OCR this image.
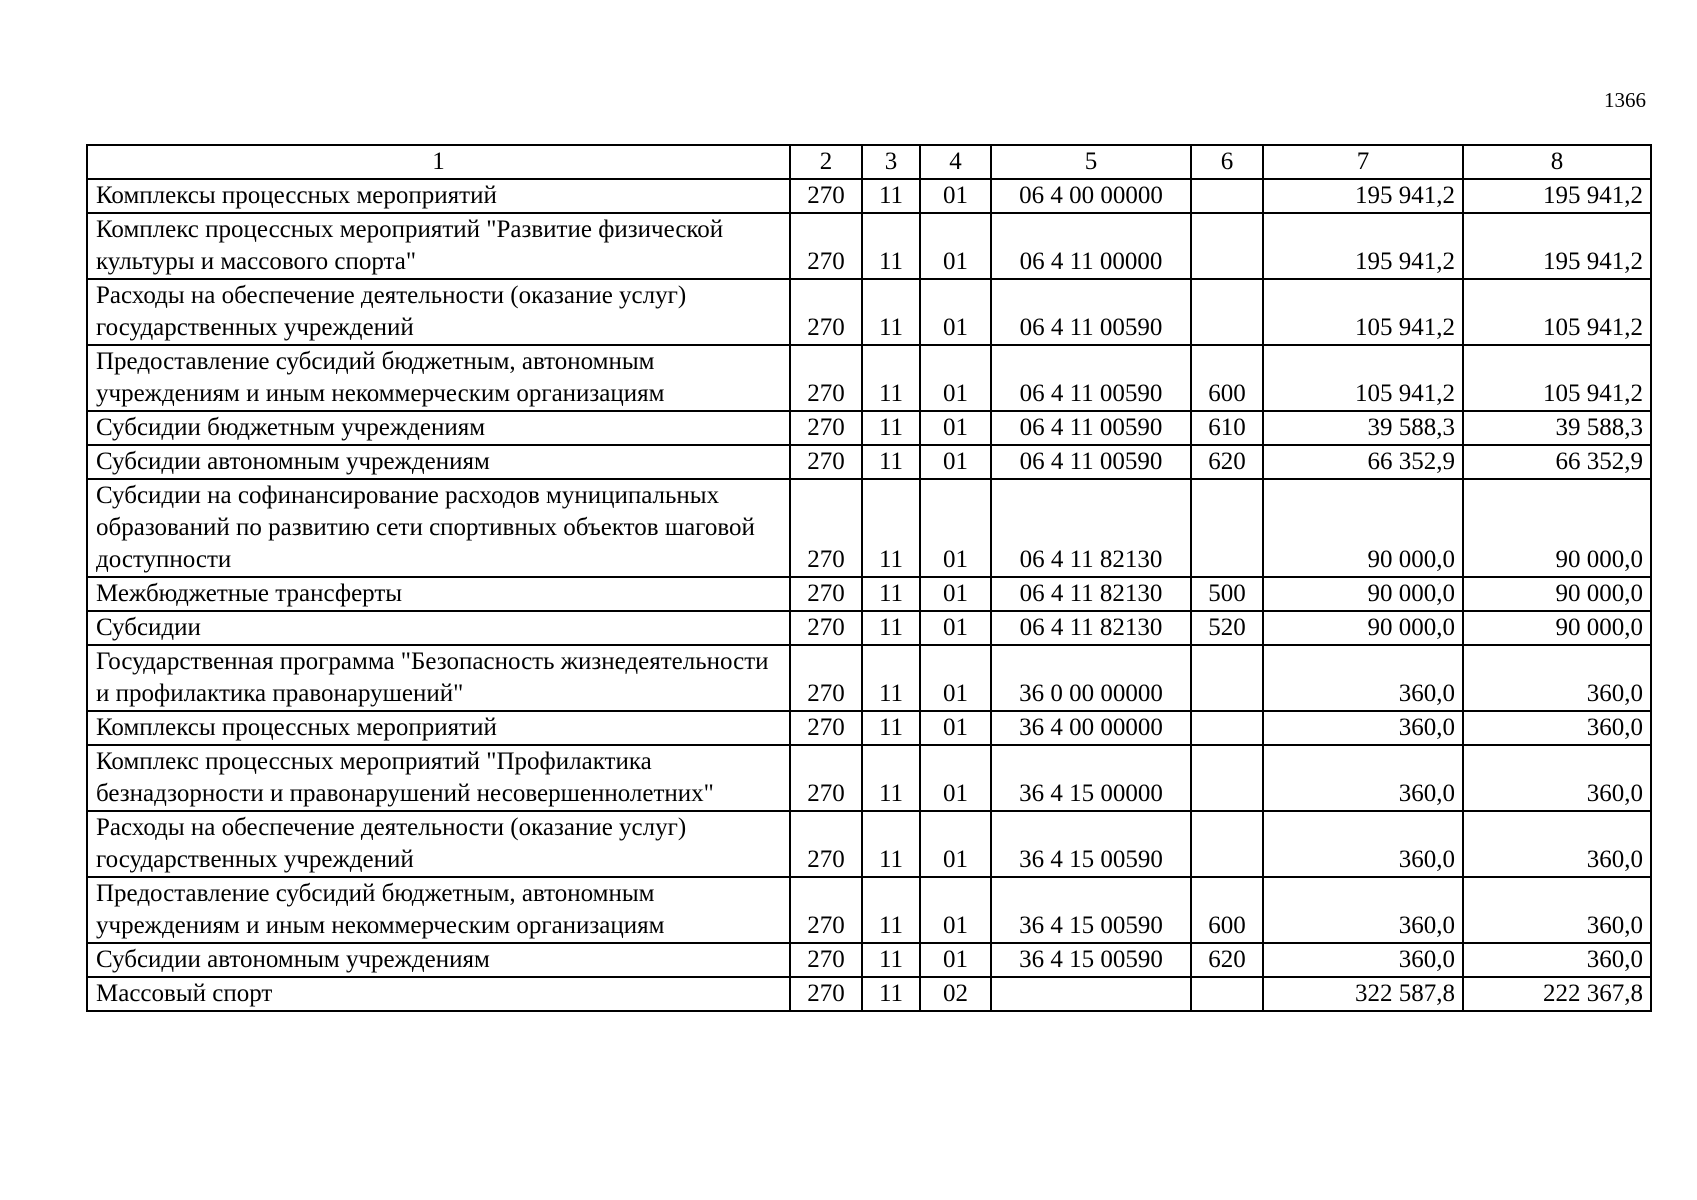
1366
1	2	3	4	5	6	7	8
Комплексы процессных мероприятий	270	11	01	06 4 00 00000		195 941,2	195 941,2
Комплекс процессных мероприятий "Развитие физической культуры и массового спорта"	270	11	01	06 4 11 00000		195 941,2	195 941,2
Расходы на обеспечение деятельности (оказание услуг) государственных учреждений	270	11	01	06 4 11 00590		105 941,2	105 941,2
Предоставление субсидий бюджетным, автономным учреждениям и иным некоммерческим организациям	270	11	01	06 4 11 00590	600	105 941,2	105 941,2
Субсидии бюджетным учреждениям	270	11	01	06 4 11 00590	610	39 588,3	39 588,3
Субсидии автономным учреждениям	270	11	01	06 4 11 00590	620	66 352,9	66 352,9
Субсидии на софинансирование расходов муниципальных образований по развитию сети спортивных объектов шаговой доступности	270	11	01	06 4 11 82130		90 000,0	90 000,0
Межбюджетные трансферты	270	11	01	06 4 11 82130	500	90 000,0	90 000,0
Субсидии	270	11	01	06 4 11 82130	520	90 000,0	90 000,0
Государственная программа "Безопасность жизнедеятельности и профилактика правонарушений"	270	11	01	36 0 00 00000		360,0	360,0
Комплексы процессных мероприятий	270	11	01	36 4 00 00000		360,0	360,0
Комплекс процессных мероприятий "Профилактика безнадзорности и правонарушений несовершеннолетних"	270	11	01	36 4 15 00000		360,0	360,0
Расходы на обеспечение деятельности (оказание услуг) государственных учреждений	270	11	01	36 4 15 00590		360,0	360,0
Предоставление субсидий бюджетным, автономным учреждениям и иным некоммерческим организациям	270	11	01	36 4 15 00590	600	360,0	360,0
Субсидии автономным учреждениям	270	11	01	36 4 15 00590	620	360,0	360,0
Массовый спорт	270	11	02			322 587,8	222 367,8
